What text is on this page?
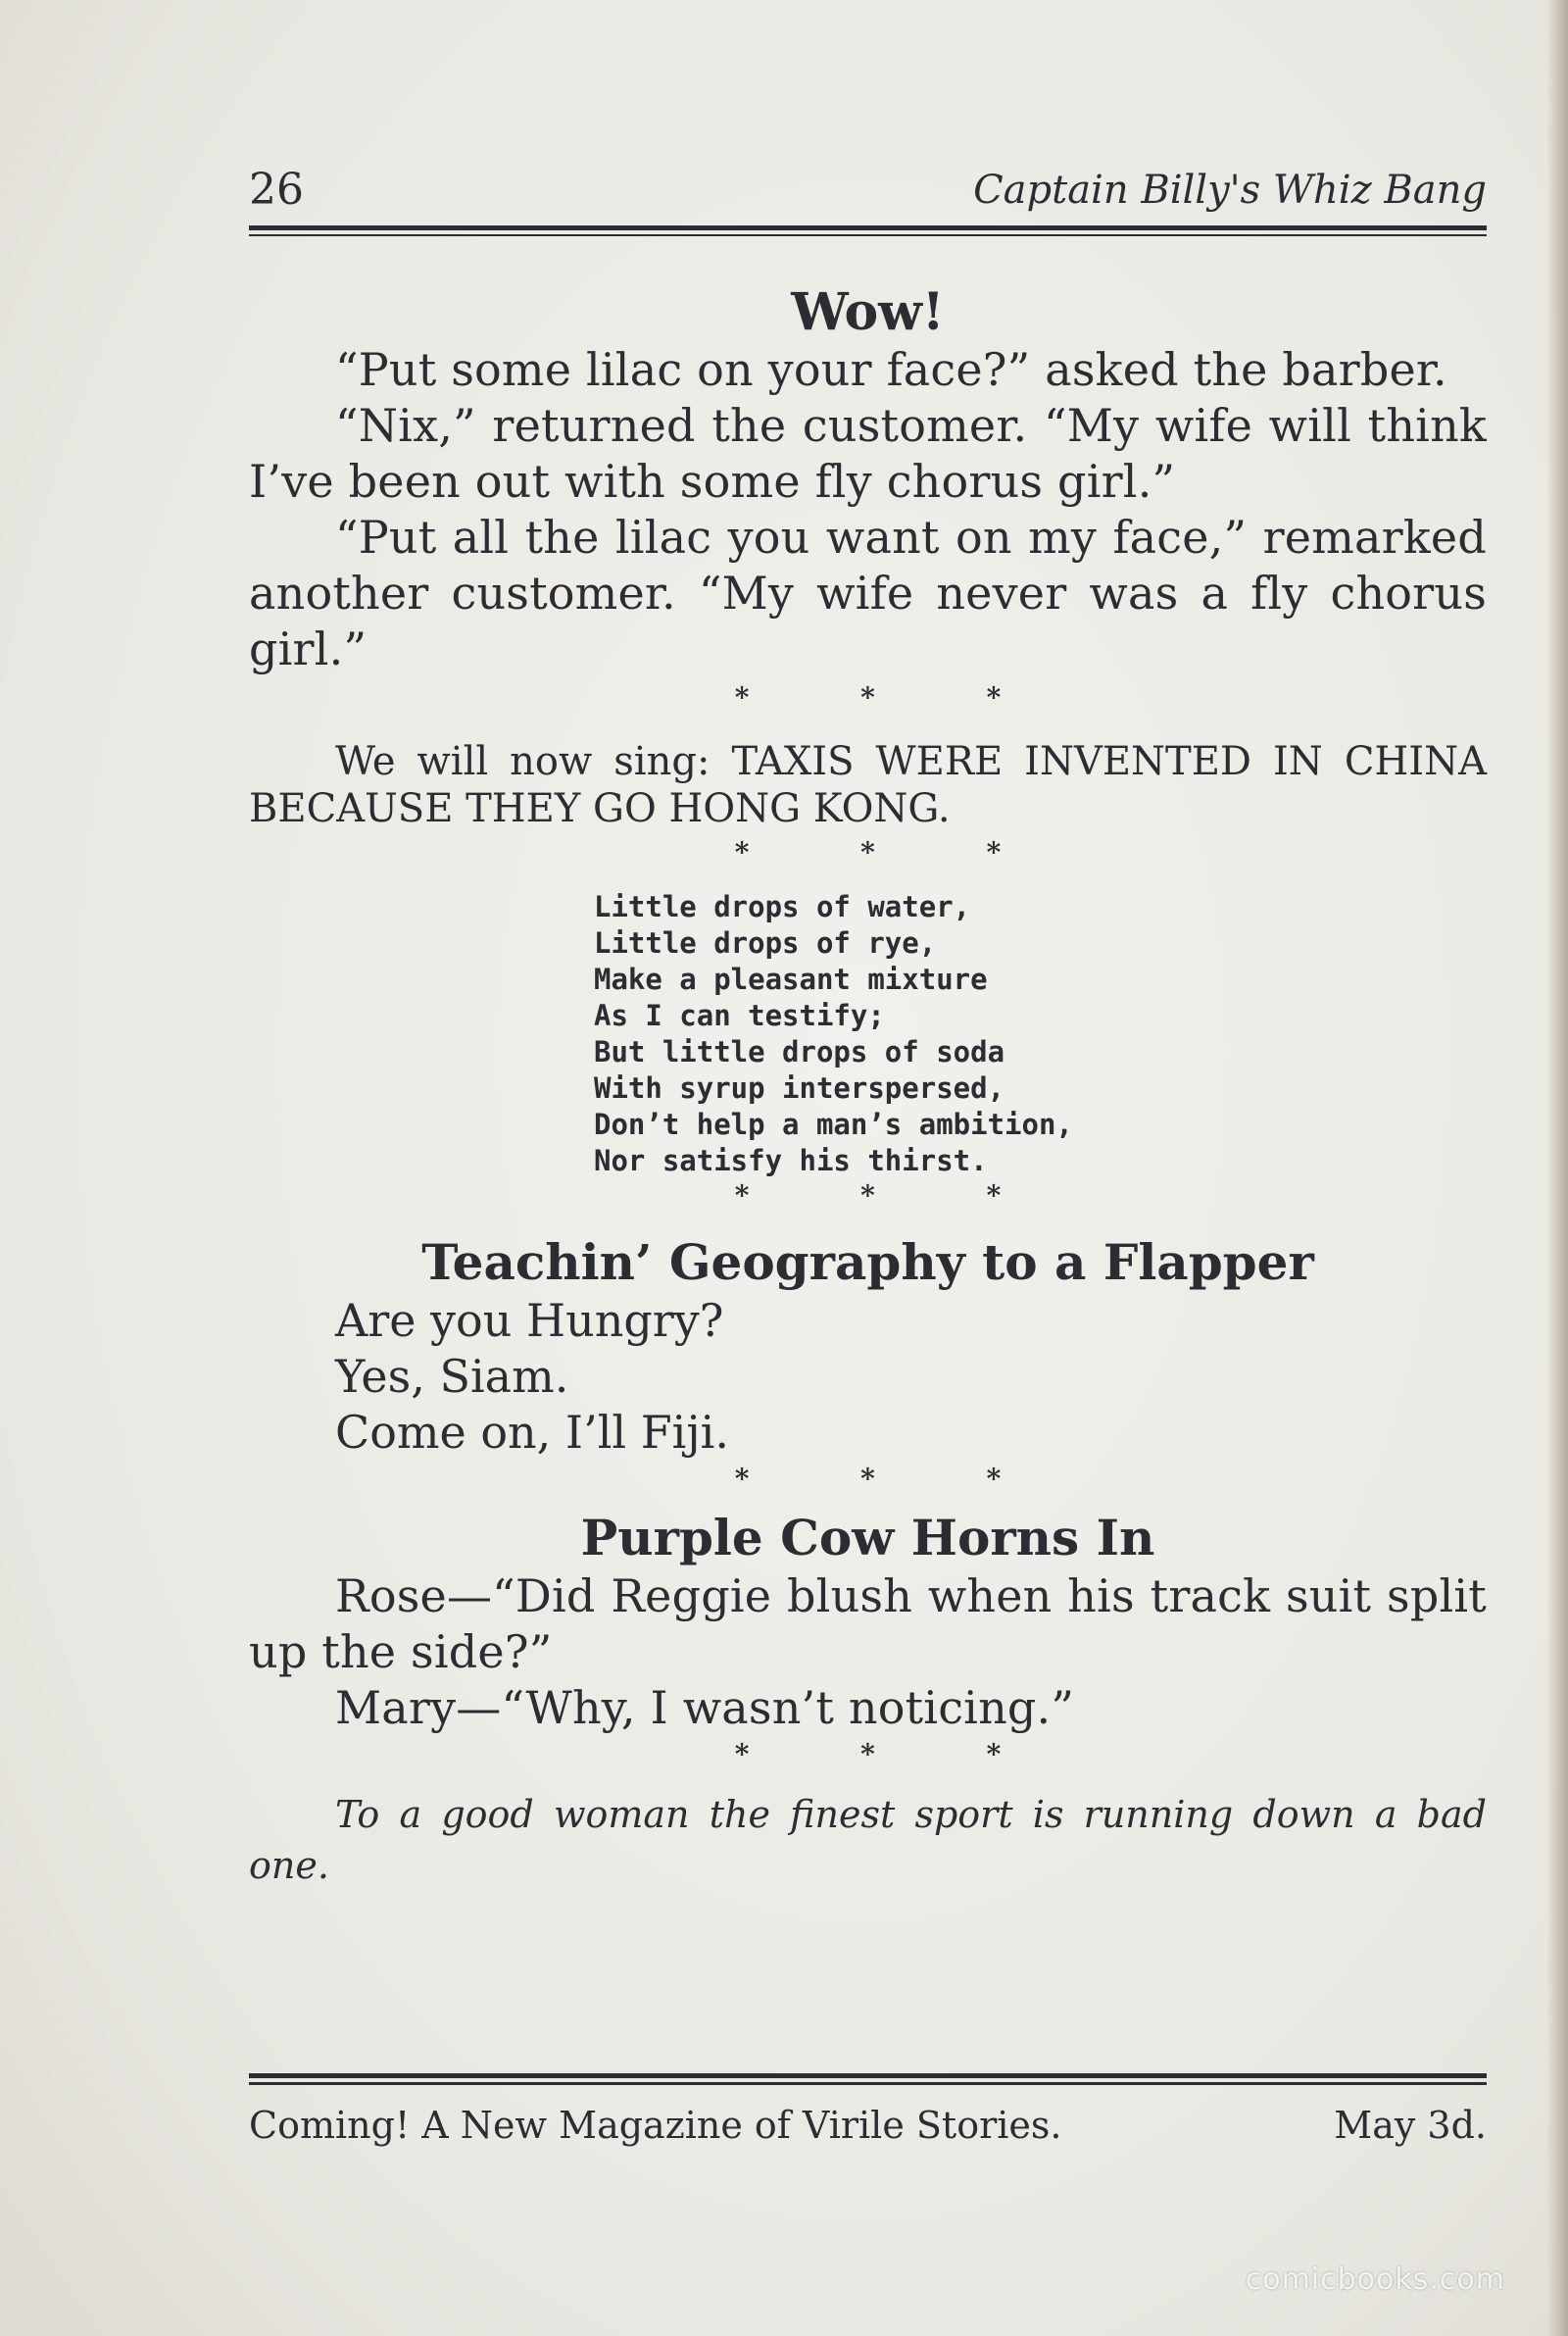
26	Captain Billy's Whiz Bang
Wow!

“Put some lilac on your face?” asked the barber.

“Nix,” returned the customer. “My wife will think I’ve been out with some fly chorus girl.”

“Put all the lilac you want on my face,” remarked another customer. “My wife never was a fly chorus girl.”

* * *

We will now sing: TAXIS WERE INVENTED IN CHINA BECAUSE THEY GO HONG KONG.

* * *
Little drops of water,
Little drops of rye,
Make a pleasant mixture
As I can testify;
But little drops of soda
With syrup interspersed,
Don’t help a man’s ambition,
Nor satisfy his thirst.
* * *
Teachin’ Geography to a Flapper
Are you Hungry?
Yes, Siam.
Come on, I’ll Fiji.
* * *
Purple Cow Horns In

Rose—“Did Reggie blush when his track suit split up the side?”

Mary—“Why, I wasn’t noticing.”

* * *

To a good woman the finest sport is running down a bad one.

Coming! A New Magazine of Virile Stories.	May 3d.
comicbooks.com
